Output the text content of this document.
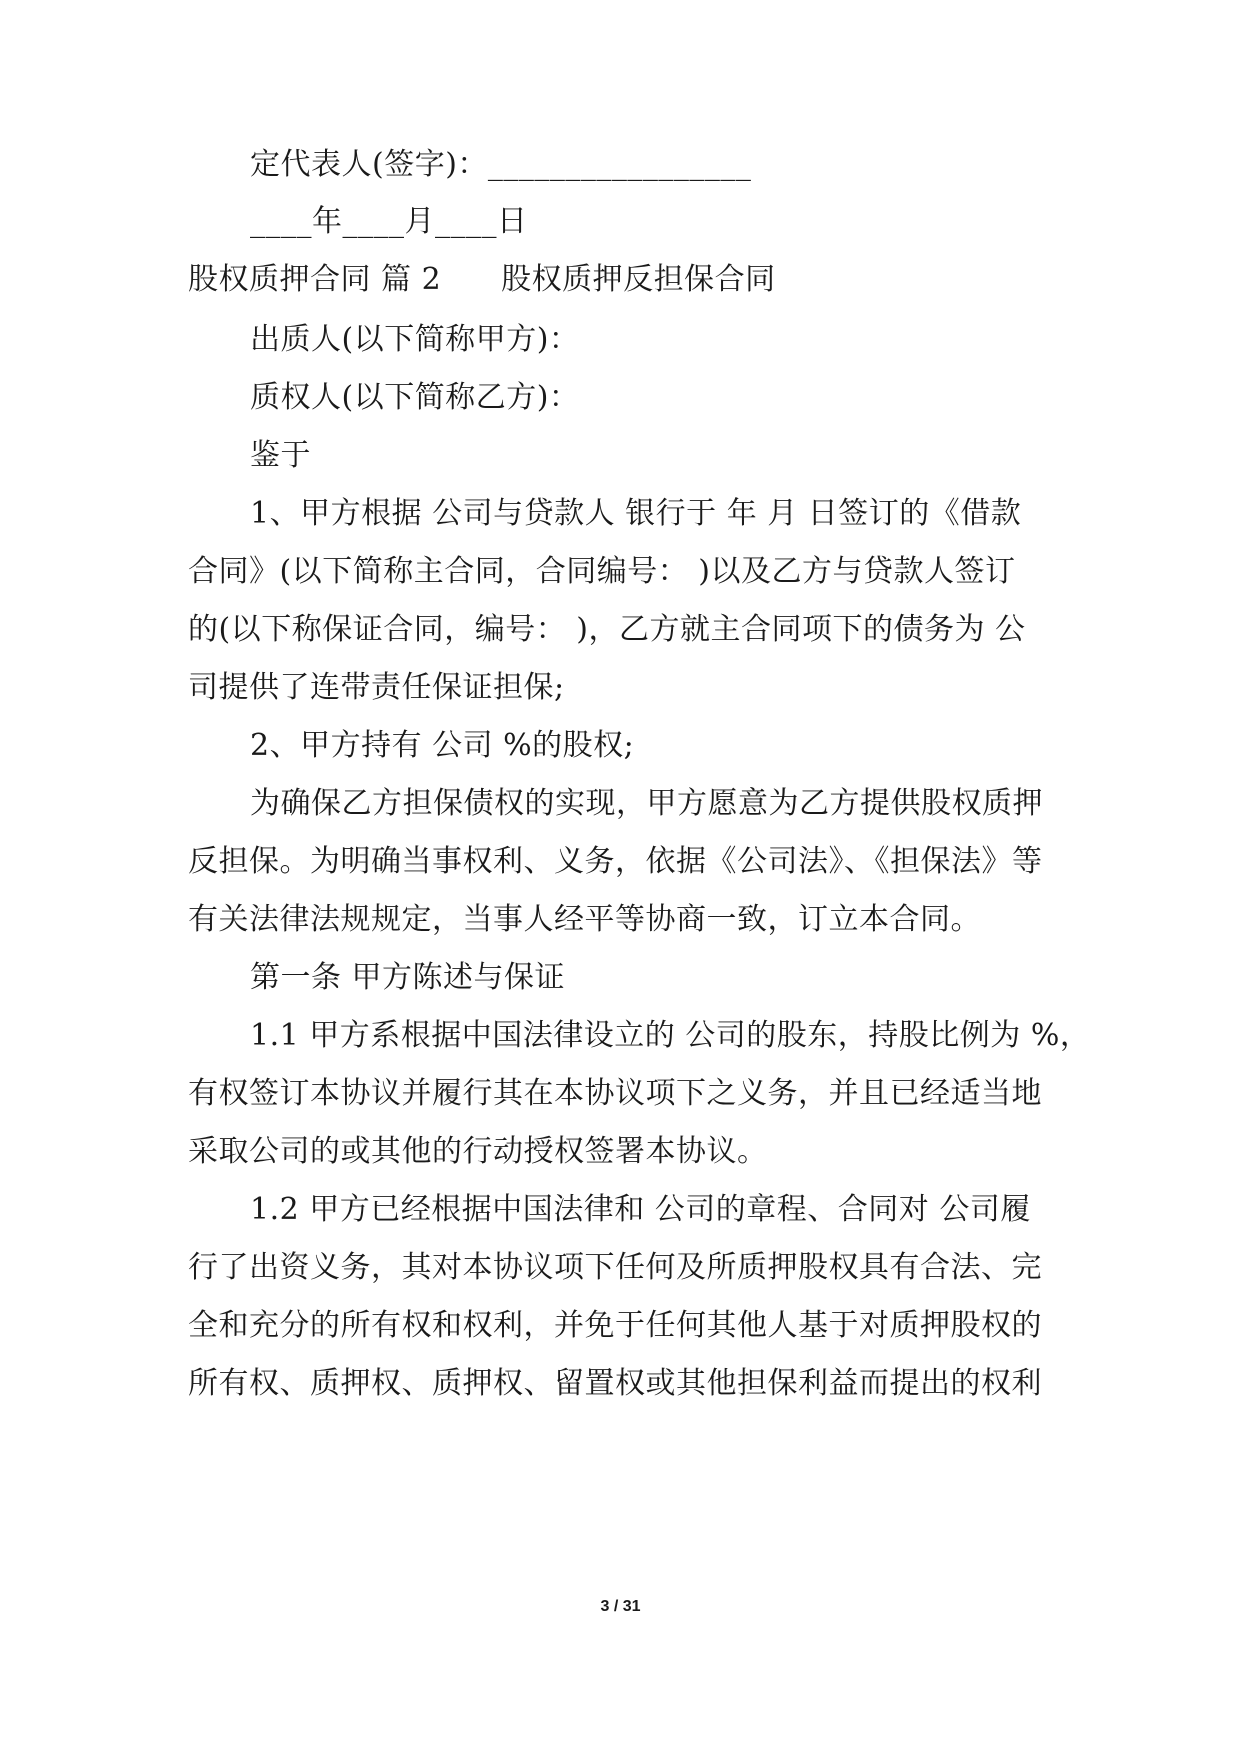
定代表人(签字)：_________________
____年____月____日
股权质押合同 篇 2 股权质押反担保合同
出质人(以下简称甲方)：
质权人(以下简称乙方)：
鉴于
1、甲方根据 公司与贷款人 银行于 年 月 日签订的《借款
合同》(以下简称主合同，合同编号： )以及乙方与贷款人签订
的(以下称保证合同，编号： )，乙方就主合同项下的债务为 公
司提供了连带责任保证担保;
2、甲方持有 公司 %的股权;
为确保乙方担保债权的实现，甲方愿意为乙方提供股权质押
反担保。为明确当事权利、义务，依据《公司法》、《担保法》等
有关法律法规规定，当事人经平等协商一致，订立本合同。
第一条 甲方陈述与保证
1.1 甲方系根据中国法律设立的 公司的股东，持股比例为 %，
有权签订本协议并履行其在本协议项下之义务，并且已经适当地
采取公司的或其他的行动授权签署本协议。
1.2 甲方已经根据中国法律和 公司的章程、合同对 公司履
行了出资义务，其对本协议项下任何及所质押股权具有合法、完
全和充分的所有权和权利，并免于任何其他人基于对质押股权的
所有权、质押权、质押权、留置权或其他担保利益而提出的权利
3 / 31
